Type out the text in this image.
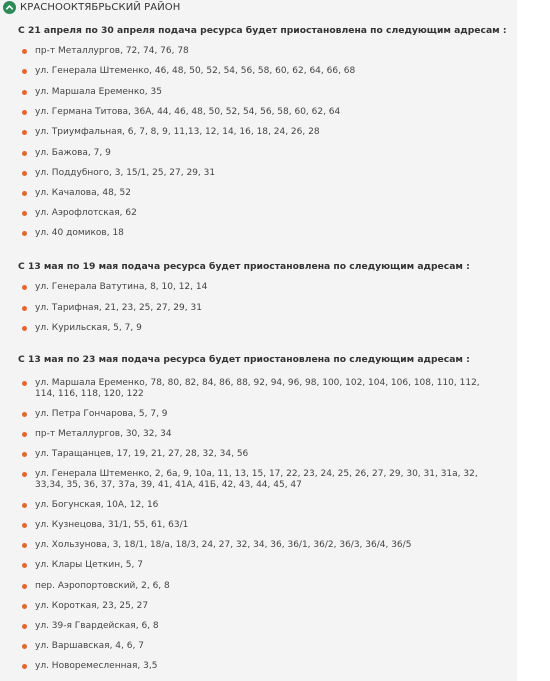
КРАСНООКТЯБРЬСКИЙ РАЙОН
С 21 апреля по 30 апреля подача ресурса будет приостановлена по следующим адресам :
пр-т Металлургов, 72, 74, 76, 78
ул. Генерала Штеменко, 46, 48, 50, 52, 54, 56, 58, 60, 62, 64, 66, 68
ул. Маршала Еременко, 35
ул. Германа Титова, 36А, 44, 46, 48, 50, 52, 54, 56, 58, 60, 62, 64
ул. Триумфальная, 6, 7, 8, 9, 11,13, 12, 14, 16, 18, 24, 26, 28
ул. Бажова, 7, 9
ул. Поддубного, 3, 15/1, 25, 27, 29, 31
ул. Качалова, 48, 52
ул. Аэрофлотская, 62
ул. 40 домиков, 18
С 13 мая по 19 мая подача ресурса будет приостановлена по следующим адресам :
ул. Генерала Ватутина, 8, 10, 12, 14
ул. Тарифная, 21, 23, 25, 27, 29, 31
ул. Курильская, 5, 7, 9
С 13 мая по 23 мая подача ресурса будет приостановлена по следующим адресам :
ул. Маршала Еременко, 78, 80, 82, 84, 86, 88, 92, 94, 96, 98, 100, 102, 104, 106, 108, 110, 112, 114, 116, 118, 120, 122
ул. Петра Гончарова, 5, 7, 9
пр-т Металлургов, 30, 32, 34
ул. Таращанцев, 17, 19, 21, 27, 28, 32, 34, 56
ул. Генерала Штеменко, 2, 6а, 9, 10а, 11, 13, 15, 17, 22, 23, 24, 25, 26, 27, 29, 30, 31, 31а, 32, 33,34, 35, 36, 37, 37а, 39, 41, 41А, 41Б, 42, 43, 44, 45, 47
ул. Богунская, 10А, 12, 16
ул. Кузнецова, 31/1, 55, 61, 63/1
ул. Хользунова, 3, 18/1, 18/а, 18/3, 24, 27, 32, 34, 36, 36/1, 36/2, 36/3, 36/4, 36/5
ул. Клары Цеткин, 5, 7
пер. Аэропортовский, 2, 6, 8
ул. Короткая, 23, 25, 27
ул. 39-я Гвардейская, 6, 8
ул. Варшавская, 4, 6, 7
ул. Новоремесленная, 3,5
